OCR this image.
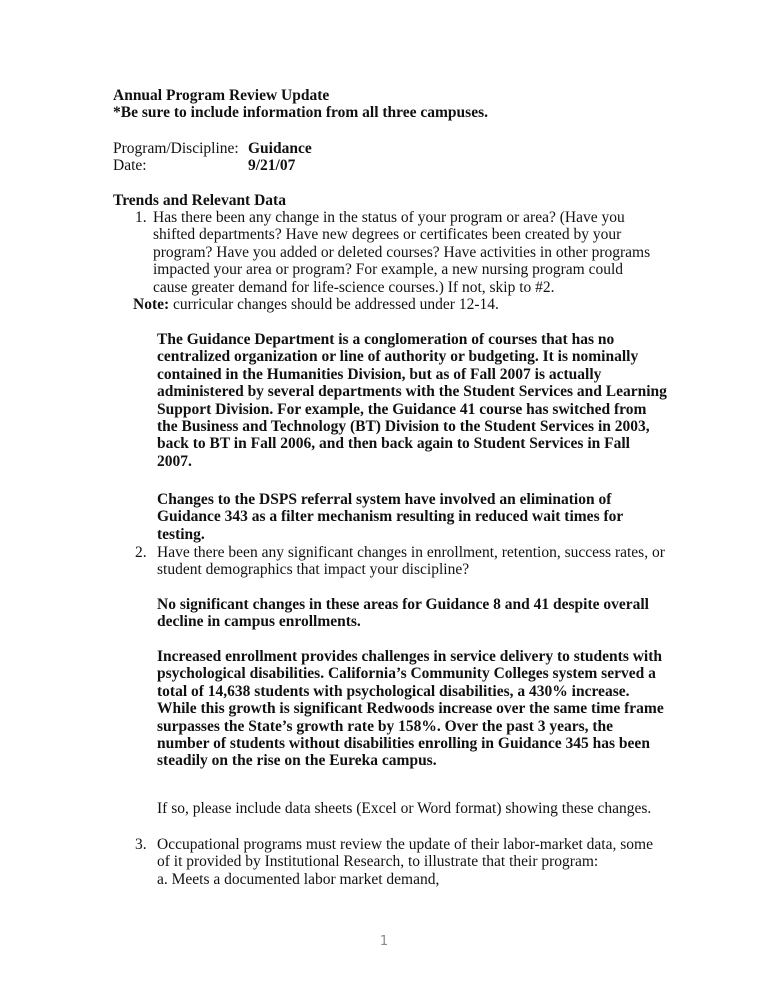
Annual Program Review Update
*Be sure to include information from all three campuses.
Program/Discipline: Guidance
Date:	9/21/07
Trends and Relevant Data
1. Has there been any change in the status of your program or area? (Have you
shifted departments? Have new degrees or certificates been created by your
program? Have you added or deleted courses? Have activities in other programs
impacted your area or program? For example, a new nursing program could
cause greater demand for life-science courses.) If not, skip to #2.
Note: curricular changes should be addressed under 12-14.
The Guidance Department is a conglomeration of courses that has no
centralized organization or line of authority or budgeting. It is nominally
contained in the Humanities Division, but as of Fall 2007 is actually
administered by several departments with the Student Services and Learning
Support Division. For example, the Guidance 41 course has switched from
the Business and Technology (BT) Division to the Student Services in 2003,
back to BT in Fall 2006, and then back again to Student Services in Fall
2007.
Changes to the DSPS referral system have involved an elimination of
Guidance 343 as a filter mechanism resulting in reduced wait times for
testing.
2. Have there been any significant changes in enrollment, retention, success rates, or
student demographics that impact your discipline?
No significant changes in these areas for Guidance 8 and 41 despite overall
decline in campus enrollments.
Increased enrollment provides challenges in service delivery to students with
psychological disabilities. California’s Community Colleges system served a
total of 14,638 students with psychological disabilities, a 430% increase.
While this growth is significant Redwoods increase over the same time frame
surpasses the State’s growth rate by 158%. Over the past 3 years, the
number of students without disabilities enrolling in Guidance 345 has been
steadily on the rise on the Eureka campus.
If so, please include data sheets (Excel or Word format) showing these changes.
3. Occupational programs must review the update of their labor-market data, some
of it provided by Institutional Research, to illustrate that their program:
a. Meets a documented labor market demand,
1
